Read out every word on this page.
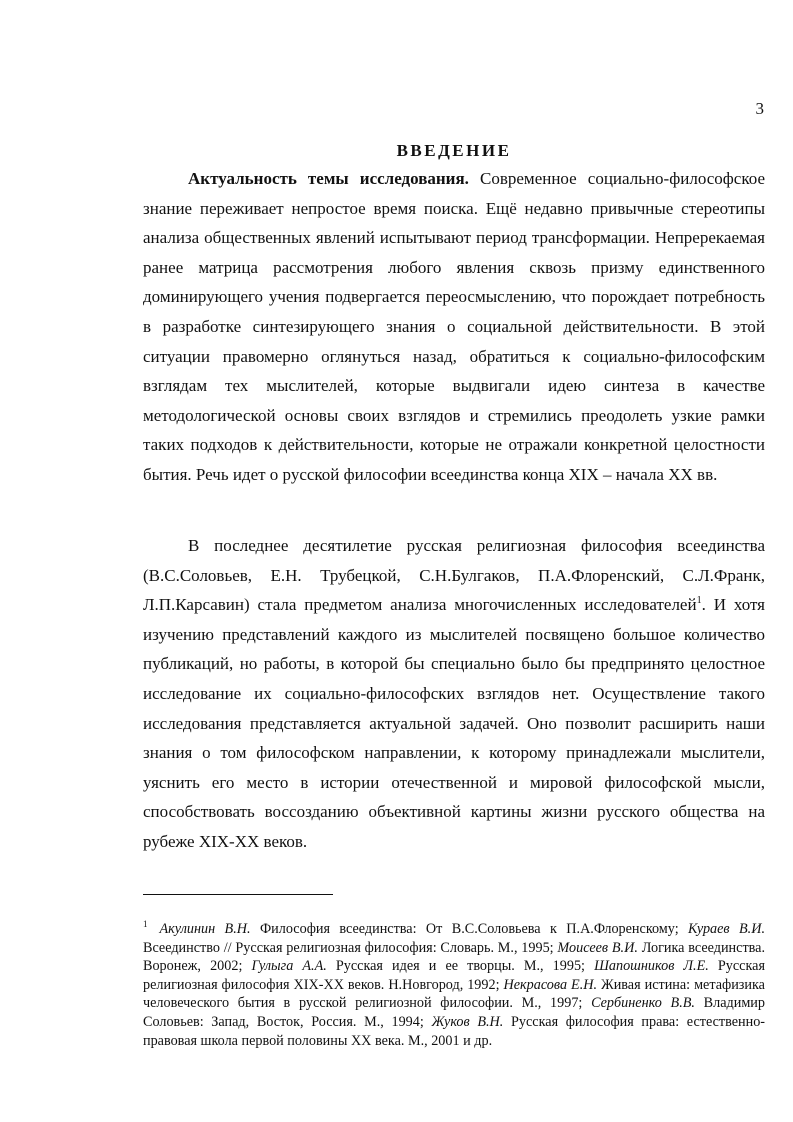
3
ВВЕДЕНИЕ

Актуальность темы исследования. Современное социально-философское знание переживает непростое время поиска. Ещё недавно привычные стереотипы анализа общественных явлений испытывают период трансформации. Непререкаемая ранее матрица рассмотрения любого явления сквозь призму единственного доминирующего учения подвергается переосмыслению, что порождает потребность в разработке синтезирующего знания о социальной действительности. В этой ситуации правомерно оглянуться назад, обратиться к социально-философским взглядам тех мыслителей, которые выдвигали идею синтеза в качестве методологической основы своих взглядов и стремились преодолеть узкие рамки таких подходов к действительности, которые не отражали конкретной целостности бытия. Речь идет о русской философии всеединства конца XIX – начала XX вв.

В последнее десятилетие русская религиозная философия всеединства (В.С.Соловьев, Е.Н. Трубецкой, С.Н.Булгаков, П.А.Флоренский, С.Л.Франк, Л.П.Карсавин) стала предметом анализа многочисленных исследователей$^1$. И хотя изучению представлений каждого из мыслителей посвящено большое количество публикаций, но работы, в которой бы специально было бы предпринято целостное исследование их социально-философских взглядов нет. Осуществление такого исследования представляется актуальной задачей. Оно позволит расширить наши знания о том философском направлении, к которому принадлежали мыслители, уяснить его место в истории отечественной и мировой философской мысли, способствовать воссозданию объективной картины жизни русского общества на рубеже XIX-XX веков.

$^1$ Акулинин В.Н. Философия всеединства: От В.С.Соловьева к П.А.Флоренскому; Кураев В.И. Всеединство // Русская религиозная философия: Словарь. М., 1995; Моисеев В.И. Логика всеединства. Воронеж, 2002; Гулыга А.А. Русская идея и ее творцы. М., 1995; Шапошников Л.Е. Русская религиозная философия XIX-XX веков. Н.Новгород, 1992; Некрасова Е.Н. Живая истина: метафизика человеческого бытия в русской религиозной философии. М., 1997; Сербиненко В.В. Владимир Соловьев: Запад, Восток, Россия. М., 1994; Жуков В.Н. Русская философия права: естественно-правовая школа первой половины XX века. М., 2001 и др.
